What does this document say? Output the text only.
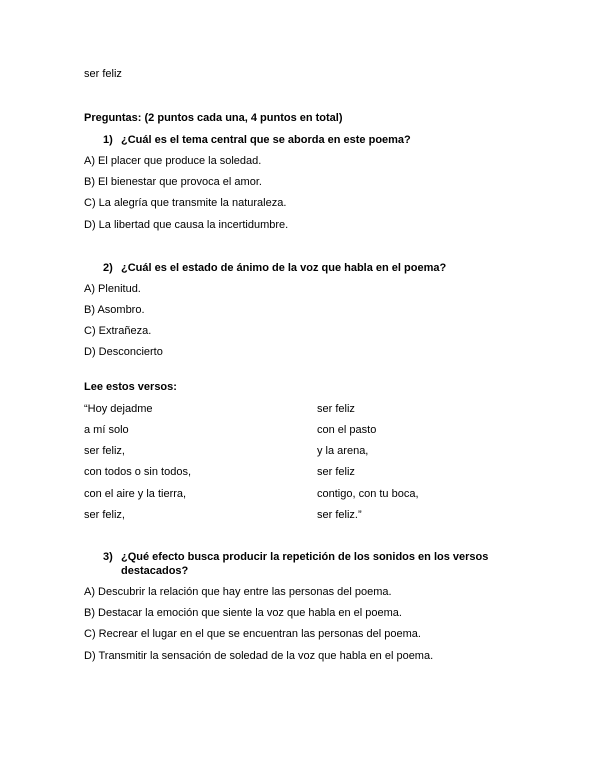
ser feliz
Preguntas: (2 puntos cada una, 4 puntos en total)
1) ¿Cuál es el tema central que se aborda en este poema?
A) El placer que produce la soledad.
B) El bienestar que provoca el amor.
C) La alegría que transmite la naturaleza.
D) La libertad que causa la incertidumbre.
2) ¿Cuál es el estado de ánimo de la voz que habla en el poema?
A) Plenitud.
B) Asombro.
C) Extrañeza.
D) Desconcierto
Lee estos versos:
“Hoy dejadme
a mí solo
ser feliz,
con todos o sin todos,
con el aire y la tierra,
ser feliz,
ser feliz
con el pasto
y la arena,
ser feliz
contigo, con tu boca,
ser feliz.”
3) ¿Qué efecto busca producir la repetición de los sonidos en los versos destacados?
A) Descubrir la relación que hay entre las personas del poema.
B) Destacar la emoción que siente la voz que habla en el poema.
C) Recrear el lugar en el que se encuentran las personas del poema.
D) Transmitir la sensación de soledad de la voz que habla en el poema.
